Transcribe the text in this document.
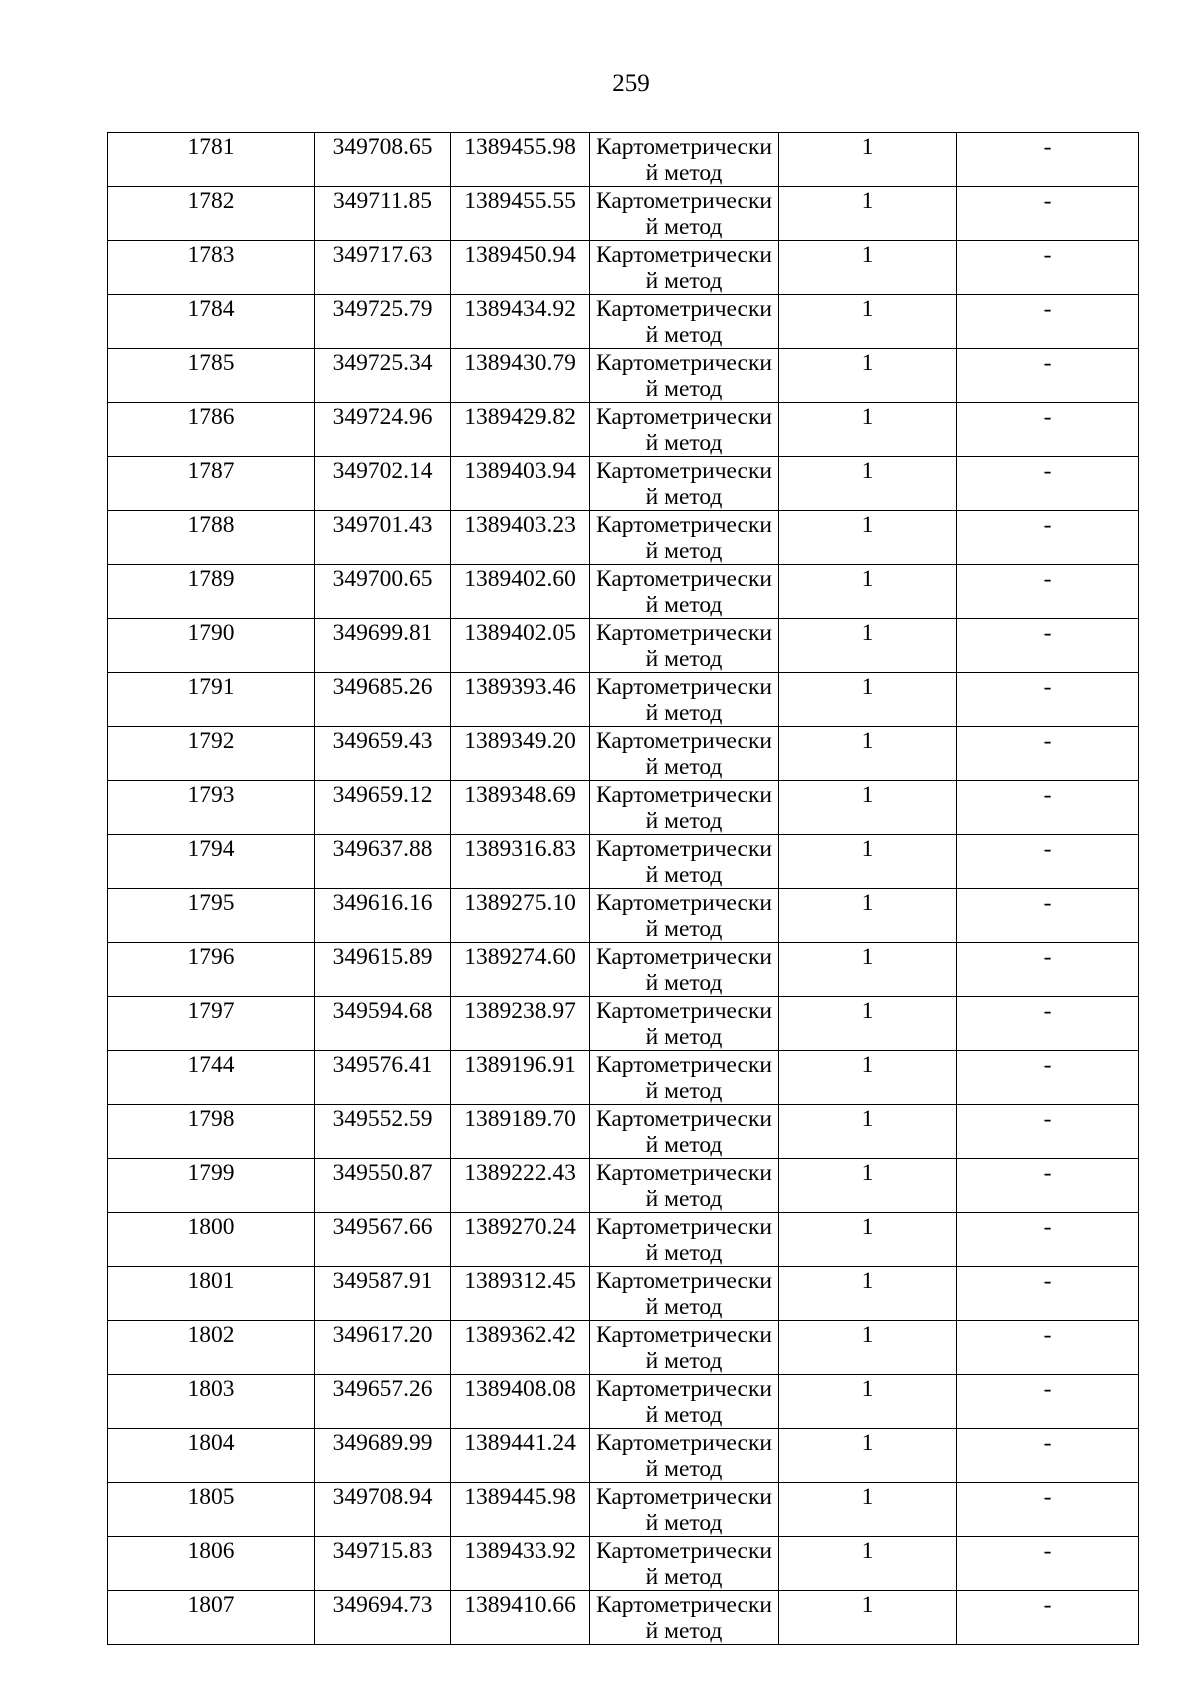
259
1781	349708.65	1389455.98	Картометрически
й метод	1	-
1782	349711.85	1389455.55	Картометрически
й метод	1	-
1783	349717.63	1389450.94	Картометрически
й метод	1	-
1784	349725.79	1389434.92	Картометрически
й метод	1	-
1785	349725.34	1389430.79	Картометрически
й метод	1	-
1786	349724.96	1389429.82	Картометрически
й метод	1	-
1787	349702.14	1389403.94	Картометрически
й метод	1	-
1788	349701.43	1389403.23	Картометрически
й метод	1	-
1789	349700.65	1389402.60	Картометрически
й метод	1	-
1790	349699.81	1389402.05	Картометрически
й метод	1	-
1791	349685.26	1389393.46	Картометрически
й метод	1	-
1792	349659.43	1389349.20	Картометрически
й метод	1	-
1793	349659.12	1389348.69	Картометрически
й метод	1	-
1794	349637.88	1389316.83	Картометрически
й метод	1	-
1795	349616.16	1389275.10	Картометрически
й метод	1	-
1796	349615.89	1389274.60	Картометрически
й метод	1	-
1797	349594.68	1389238.97	Картометрически
й метод	1	-
1744	349576.41	1389196.91	Картометрически
й метод	1	-
1798	349552.59	1389189.70	Картометрически
й метод	1	-
1799	349550.87	1389222.43	Картометрически
й метод	1	-
1800	349567.66	1389270.24	Картометрически
й метод	1	-
1801	349587.91	1389312.45	Картометрически
й метод	1	-
1802	349617.20	1389362.42	Картометрически
й метод	1	-
1803	349657.26	1389408.08	Картометрически
й метод	1	-
1804	349689.99	1389441.24	Картометрически
й метод	1	-
1805	349708.94	1389445.98	Картометрически
й метод	1	-
1806	349715.83	1389433.92	Картометрически
й метод	1	-
1807	349694.73	1389410.66	Картометрически
й метод	1	-
